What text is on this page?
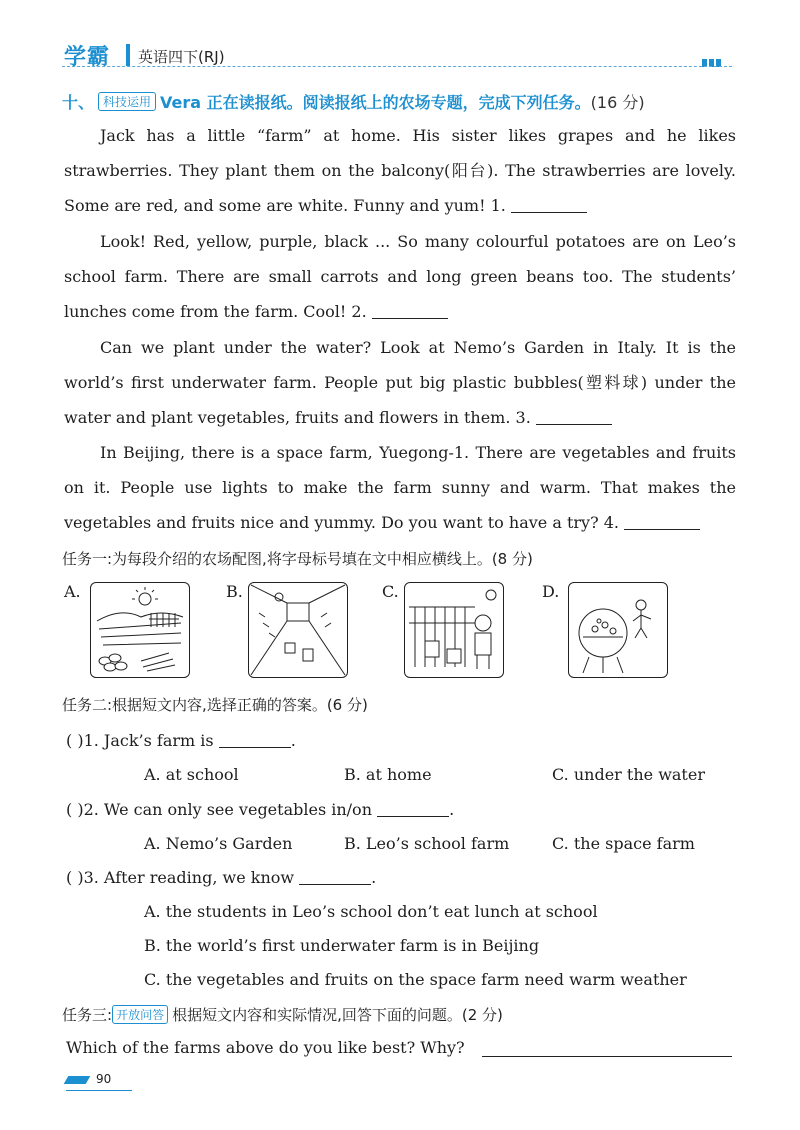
学霸 英语四下(RJ)
十、 科技运用 Vera 正在读报纸。阅读报纸上的农场专题，完成下列任务。(16 分)
Jack has a little “farm” at home. His sister likes grapes and he likes strawberries. They plant them on the balcony(阳台). The strawberries are lovely. Some are red, and some are white. Funny and yum! 1.
Look! Red, yellow, purple, black ... So many colourful potatoes are on Leo’s school farm. There are small carrots and long green beans too. The students’ lunches come from the farm. Cool! 2.
Can we plant under the water? Look at Nemo’s Garden in Italy. It is the world’s first underwater farm. People put big plastic bubbles(塑料球) under the water and plant vegetables, fruits and flowers in them. 3.
In Beijing, there is a space farm, Yuegong-1. There are vegetables and fruits on it. People use lights to make the farm sunny and warm. That makes the vegetables and fruits nice and yummy. Do you want to have a try? 4.
任务一:为每段介绍的农场配图,将字母标号填在文中相应横线上。(8 分)
A.	B.	C.	D.
任务二:根据短文内容,选择正确的答案。(6 分)
( )1. Jack’s farm is	.
A. at school	B. at home	C. under the water
( )2. We can only see vegetables in/on	.
A. Nemo’s Garden	B. Leo’s school farm	C. the space farm
( )3. After reading, we know	.
A. the students in Leo’s school don’t eat lunch at school
B. the world’s first underwater farm is in Beijing
C. the vegetables and fruits on the space farm need warm weather
任务三: 开放问答 根据短文内容和实际情况,回答下面的问题。(2 分)
Which of the farms above do you like best? Why?
90
